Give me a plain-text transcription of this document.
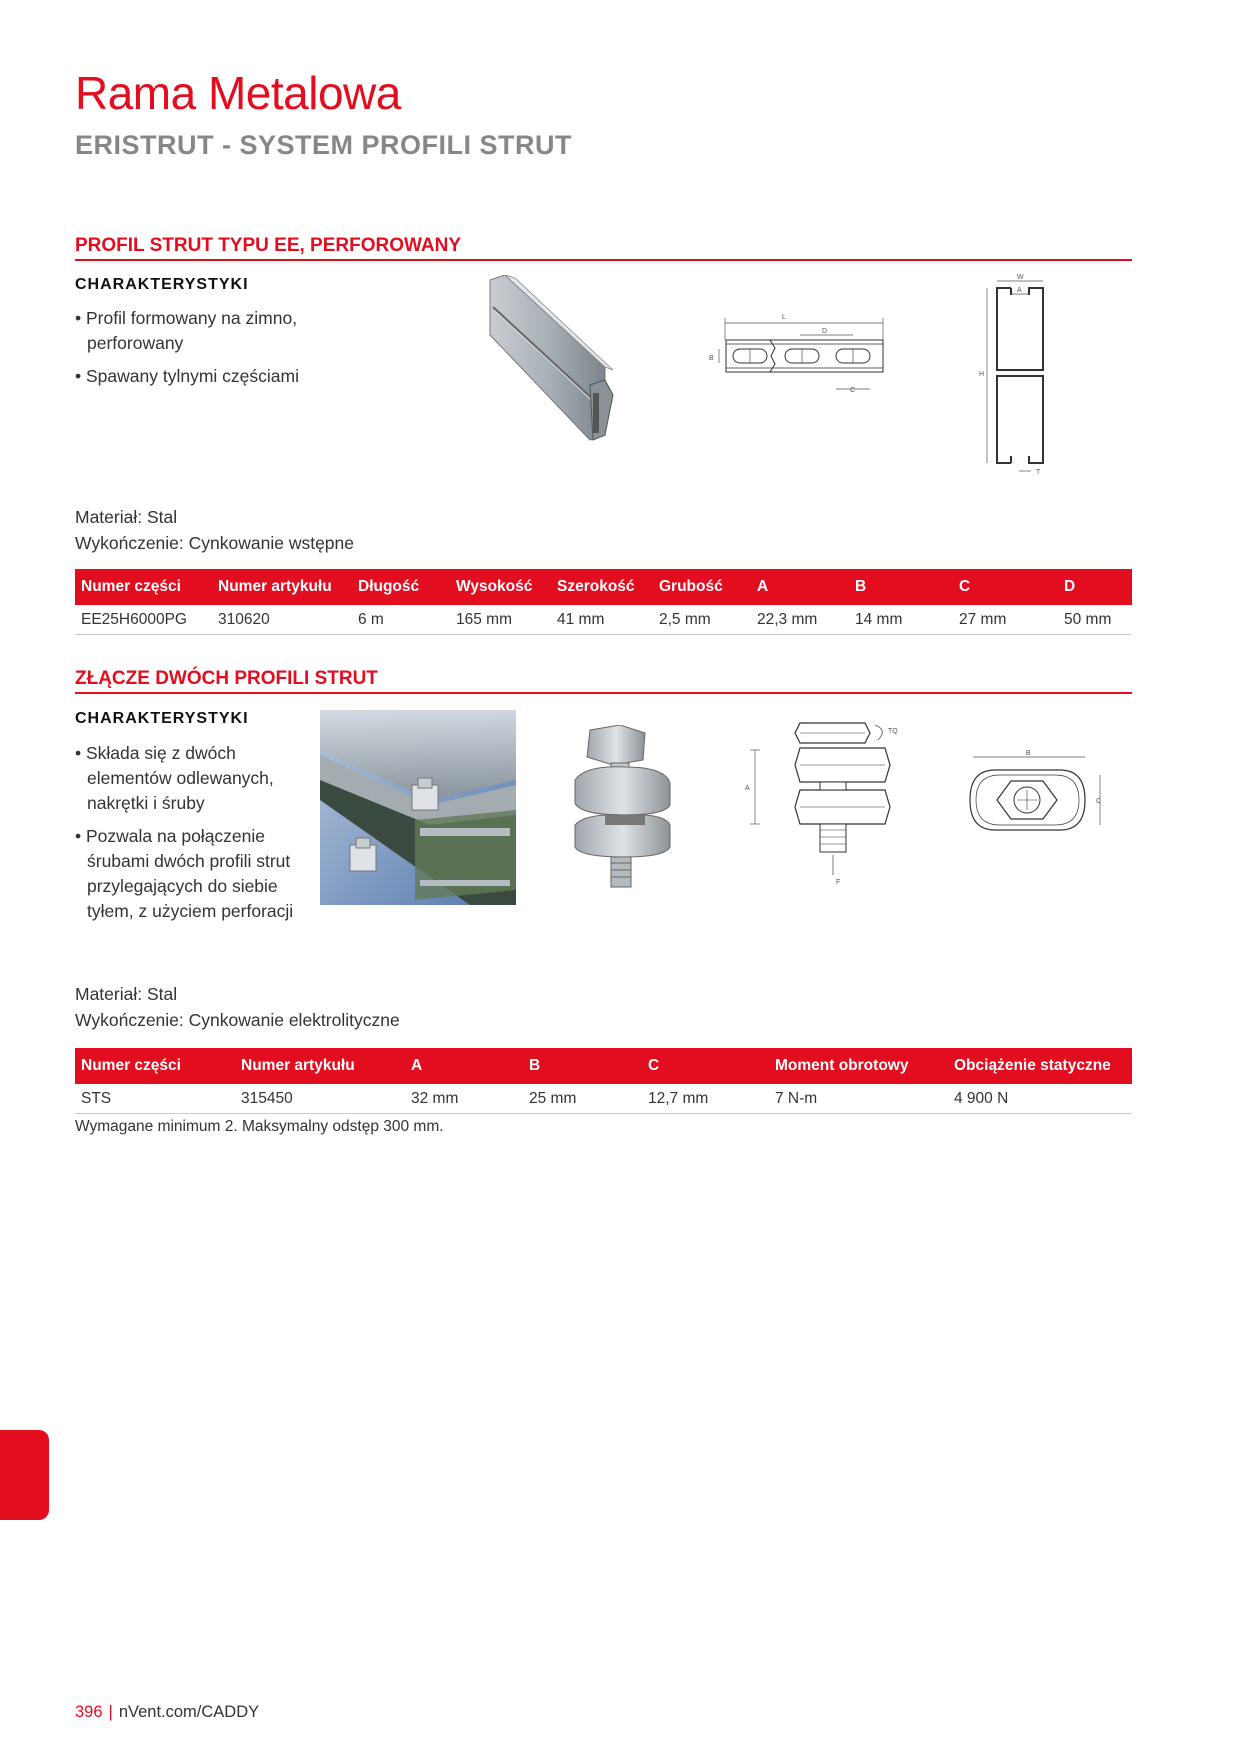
Rama Metalowa
ERISTRUT - SYSTEM PROFILI STRUT
PROFIL STRUT TYPU EE, PERFOROWANY
CHARAKTERYSTYKI
• Profil formowany na zimno, perforowany
• Spawany tylnymi częściami
L
D
B
C
W
A
H
T
Materiał: Stal
Wykończenie: Cynkowanie wstępne
Numer części	Numer artykułu	Długość	Wysokość	Szerokość	Grubość	A	B	C	D
EE25H6000PG	310620	6 m	165 mm	41 mm	2,5 mm	22,3 mm	14 mm	27 mm	50 mm
ZŁĄCZE DWÓCH PROFILI STRUT
CHARAKTERYSTYKI
• Składa się z dwóch elementów odlewanych, nakrętki i śruby
• Pozwala na połączenie śrubami dwóch profili strut przylegających do siebie tyłem, z użyciem perforacji
TQ
A
F
B
C
Materiał: Stal
Wykończenie: Cynkowanie elektrolityczne
Numer części	Numer artykułu	A	B	C	Moment obrotowy	Obciążenie statyczne
STS	315450	32 mm	25 mm	12,7 mm	7 N-m	4 900 N
Wymagane minimum 2. Maksymalny odstęp 300 mm.
396 | nVent.com/CADDY
